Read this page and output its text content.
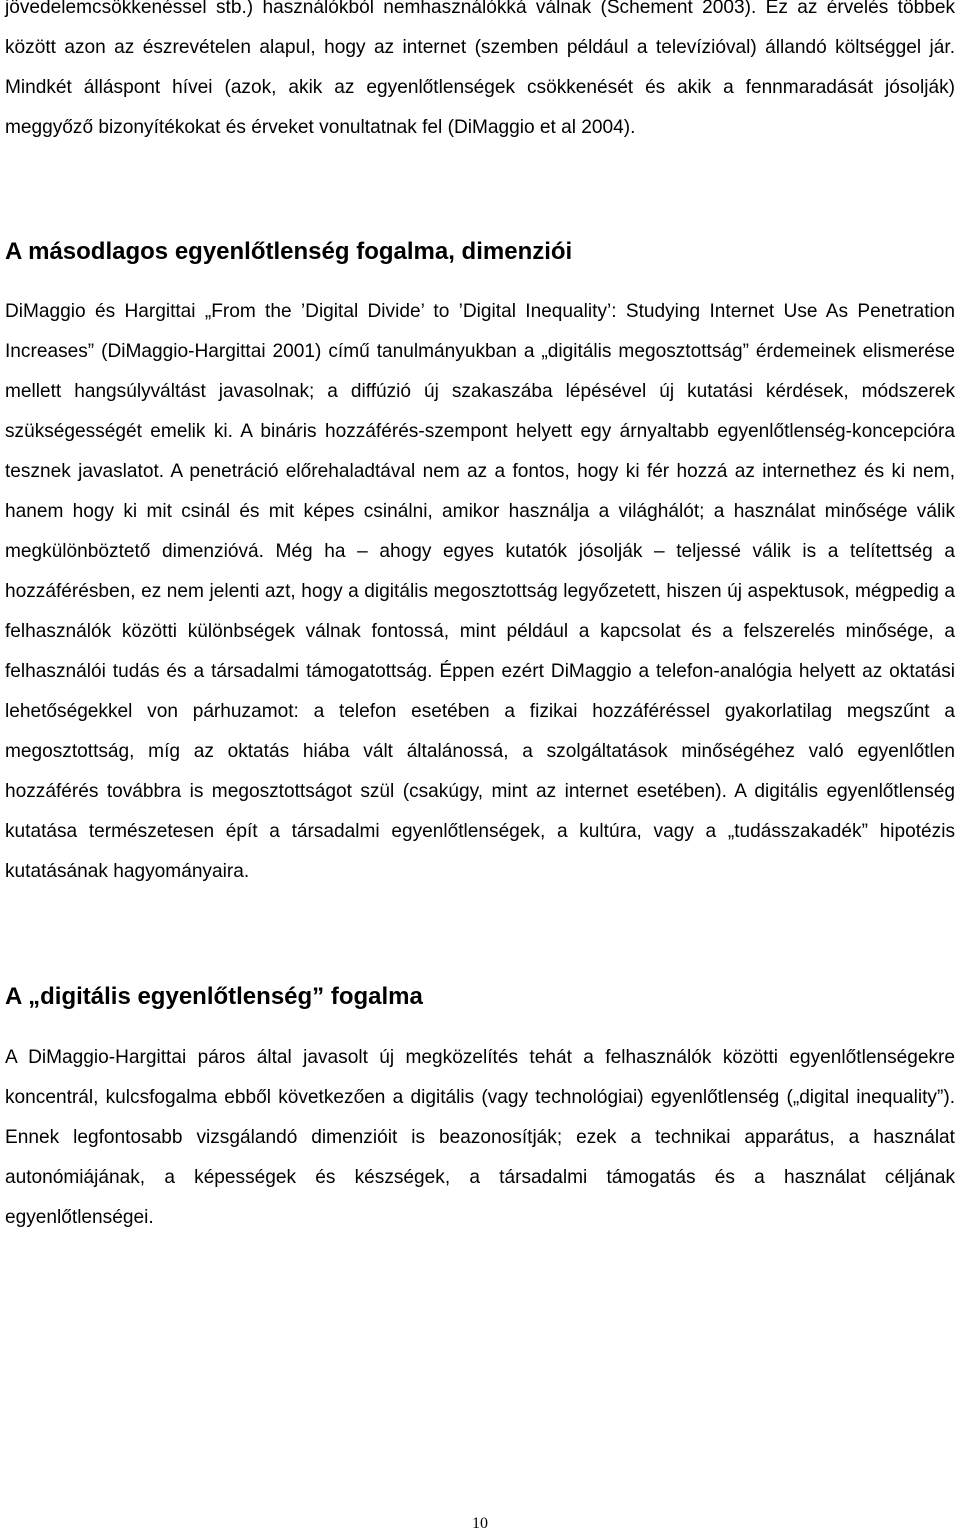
jövedelemcsökkenéssel stb.) használókból nemhasználókká válnak (Schement 2003). Ez az érvelés többek között azon az észrevételen alapul, hogy az internet (szemben például a televízióval) állandó költséggel jár. Mindkét álláspont hívei (azok, akik az egyenlőtlenségek csökkenését és akik a fennmaradását jósolják) meggyőző bizonyítékokat és érveket vonultatnak fel (DiMaggio et al 2004).

A másodlagos egyenlőtlenség fogalma, dimenziói

DiMaggio és Hargittai „From the ’Digital Divide’ to ’Digital Inequality’: Studying Internet Use As Penetration Increases” (DiMaggio-Hargittai 2001) című tanulmányukban a „digitális megosztottság” érdemeinek elismerése mellett hangsúlyváltást javasolnak; a diffúzió új szakaszába lépésével új kutatási kérdések, módszerek szükségességét emelik ki. A bináris hozzáférés-szempont helyett egy árnyaltabb egyenlőtlenség-koncepcióra tesznek javaslatot. A penetráció előrehaladtával nem az a fontos, hogy ki fér hozzá az internethez és ki nem, hanem hogy ki mit csinál és mit képes csinálni, amikor használja a világhálót; a használat minősége válik megkülönböztető dimenzióvá. Még ha – ahogy egyes kutatók jósolják – teljessé válik is a telítettség a hozzáférésben, ez nem jelenti azt, hogy a digitális megosztottság legyőzetett, hiszen új aspektusok, mégpedig a felhasználók közötti különbségek válnak fontossá, mint például a kapcsolat és a felszerelés minősége, a felhasználói tudás és a társadalmi támogatottság. Éppen ezért DiMaggio a telefon-analógia helyett az oktatási lehetőségekkel von párhuzamot: a telefon esetében a fizikai hozzáféréssel gyakorlatilag megszűnt a megosztottság, míg az oktatás hiába vált általánossá, a szolgáltatások minőségéhez való egyenlőtlen hozzáférés továbbra is megosztottságot szül (csakúgy, mint az internet esetében). A digitális egyenlőtlenség kutatása természetesen épít a társadalmi egyenlőtlenségek, a kultúra, vagy a „tudásszakadék” hipotézis kutatásának hagyományaira.

A „digitális egyenlőtlenség” fogalma

A DiMaggio-Hargittai páros által javasolt új megközelítés tehát a felhasználók közötti egyenlőtlenségekre koncentrál, kulcsfogalma ebből következően a digitális (vagy technológiai) egyenlőtlenség („digital inequality”). Ennek legfontosabb vizsgálandó dimenzióit is beazonosítják; ezek a technikai apparátus, a használat autonómiájának, a képességek és készségek, a társadalmi támogatás és a használat céljának egyenlőtlenségei.

10
